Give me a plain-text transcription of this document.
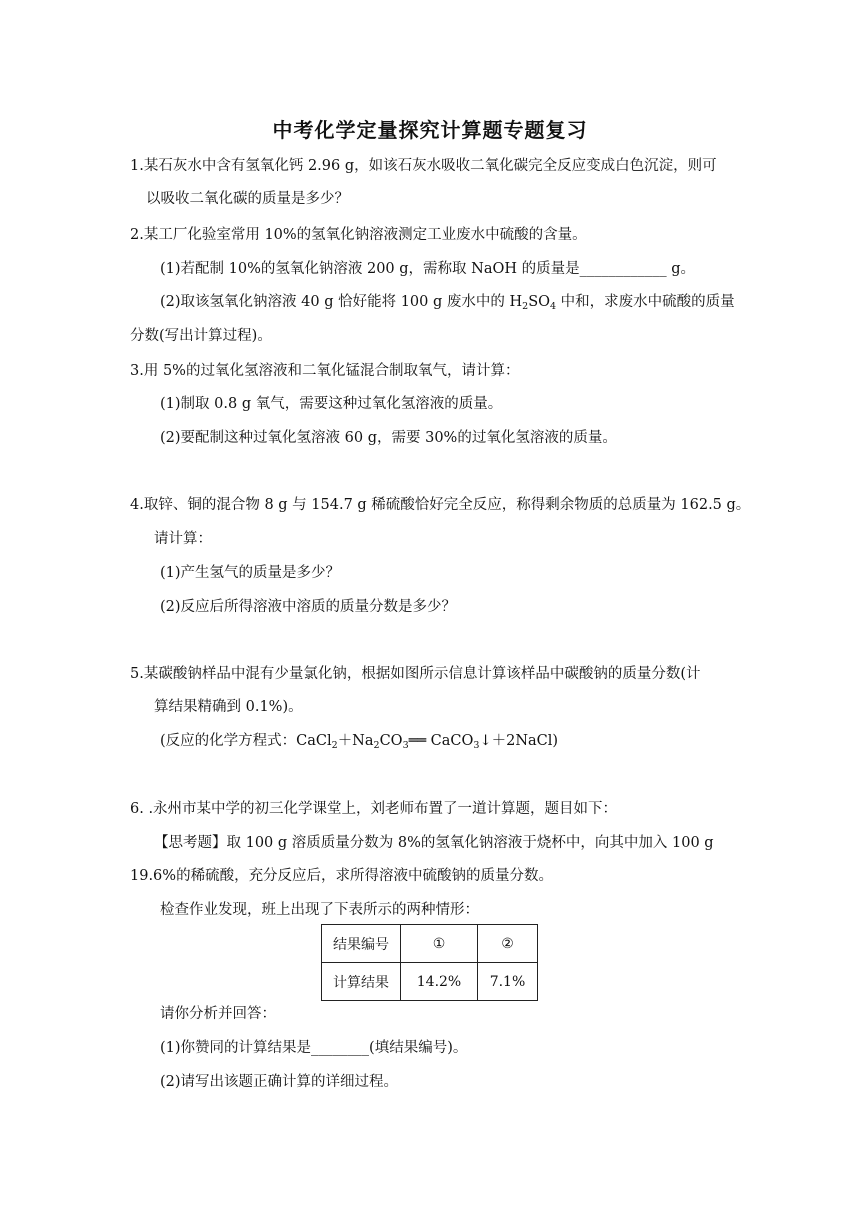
中考化学定量探究计算题专题复习
1.某石灰水中含有氢氧化钙 2.96 g，如该石灰水吸收二氧化碳完全反应变成白色沉淀，则可
以吸收二氧化碳的质量是多少？
2.某工厂化验室常用 10%的氢氧化钠溶液测定工业废水中硫酸的含量。
(1)若配制 10%的氢氧化钠溶液 200 g，需称取 NaOH 的质量是____________ g。
(2)取该氢氧化钠溶液 40 g 恰好能将 100 g 废水中的 $H_2SO_4$ 中和，求废水中硫酸的质量
分数(写出计算过程)。
3.用 5%的过氧化氢溶液和二氧化锰混合制取氧气，请计算：
(1)制取 0.8 g 氧气，需要这种过氧化氢溶液的质量。
(2)要配制这种过氧化氢溶液 60 g，需要 30%的过氧化氢溶液的质量。
4.取锌、铜的混合物 8 g 与 154.7 g 稀硫酸恰好完全反应，称得剩余物质的总质量为 162.5 g。
请计算：
(1)产生氢气的质量是多少？
(2)反应后所得溶液中溶质的质量分数是多少？
5.某碳酸钠样品中混有少量氯化钠，根据如图所示信息计算该样品中碳酸钠的质量分数(计
算结果精确到 0.1%)。
(反应的化学方程式：$CaCl_2+Na_2CO_3══$ CaCO$_3$↓＋2NaCl)
6. .永州市某中学的初三化学课堂上，刘老师布置了一道计算题，题目如下：
【思考题】取 100 g 溶质质量分数为 8%的氢氧化钠溶液于烧杯中，向其中加入 100 g
19.6%的稀硫酸，充分反应后，求所得溶液中硫酸钠的质量分数。
检查作业发现，班上出现了下表所示的两种情形：
结果编号	①	②
计算结果	14.2%	7.1%
请你分析并回答：
(1)你赞同的计算结果是________(填结果编号)。
(2)请写出该题正确计算的详细过程。
